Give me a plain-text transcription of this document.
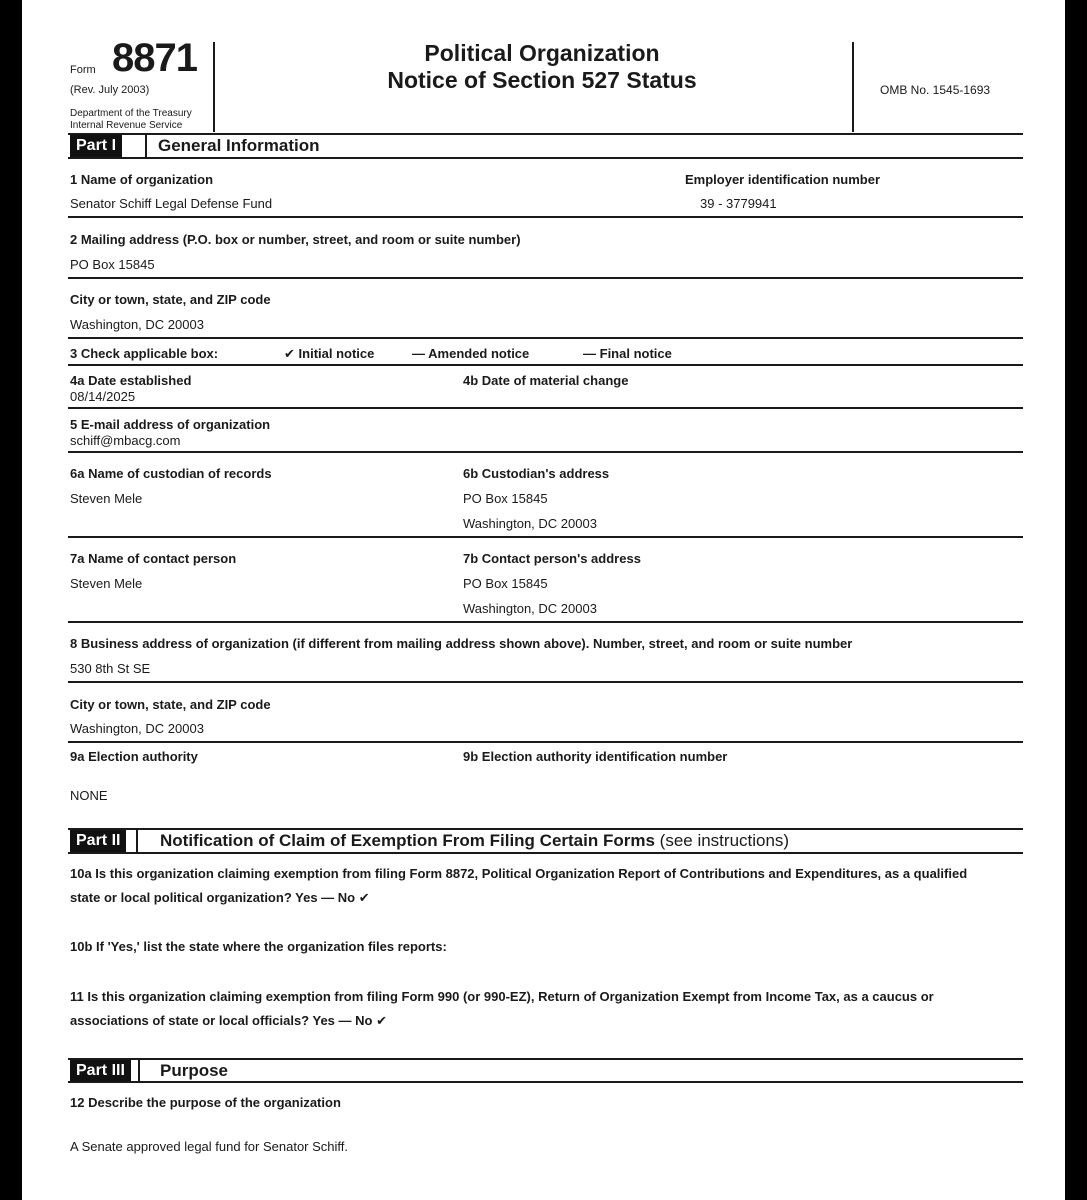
Form 8871
(Rev. July 2003)
Department of the Treasury
Internal Revenue Service
Political Organization
Notice of Section 527 Status	OMB No. 1545-1693
Part I	General Information
1 Name of organization
Senator Schiff Legal Defense Fund
Employer identification number
39 - 3779941
2 Mailing address (P.O. box or number, street, and room or suite number)
PO Box 15845
City or town, state, and ZIP code
Washington, DC 20003
3 Check applicable box:	✔ Initial notice	— Amended notice	— Final notice
4a Date established
08/14/2025
4b Date of material change
5 E-mail address of organization
schiff@mbacg.com
6a Name of custodian of records
Steven Mele
6b Custodian's address
PO Box 15845
Washington, DC 20003
7a Name of contact person
Steven Mele
7b Contact person's address
PO Box 15845
Washington, DC 20003
8 Business address of organization (if different from mailing address shown above). Number, street, and room or suite number
530 8th St SE
City or town, state, and ZIP code
Washington, DC 20003
9a Election authority	9b Election authority identification number
NONE
Part II	Notification of Claim of Exemption From Filing Certain Forms (see instructions)
10a Is this organization claiming exemption from filing Form 8872, Political Organization Report of Contributions and Expenditures, as a qualified
state or local political organization? Yes — No ✔
10b If 'Yes,' list the state where the organization files reports:
11 Is this organization claiming exemption from filing Form 990 (or 990-EZ), Return of Organization Exempt from Income Tax, as a caucus or
associations of state or local officials? Yes — No ✔
Part III	Purpose
12 Describe the purpose of the organization
A Senate approved legal fund for Senator Schiff.
